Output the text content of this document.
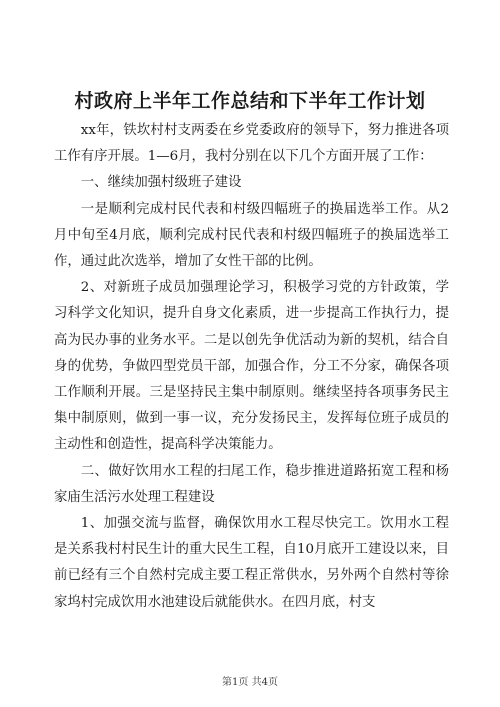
村政府上半年工作总结和下半年工作计划

xx年，铁坎村村支两委在乡党委政府的领导下，努力推进各项工作有序开展。1—6月，我村分别在以下几个方面开展了工作：

一、继续加强村级班子建设

一是顺利完成村民代表和村级四幅班子的换届选举工作。从2月中旬至4月底，顺利完成村民代表和村级四幅班子的换届选举工作，通过此次选举，增加了女性干部的比例。

2、对新班子成员加强理论学习，积极学习党的方针政策，学习科学文化知识，提升自身文化素质，进一步提高工作执行力，提高为民办事的业务水平。二是以创先争优活动为新的契机，结合自身的优势，争做四型党员干部，加强合作，分工不分家，确保各项工作顺利开展。三是坚持民主集中制原则。继续坚持各项事务民主集中制原则，做到一事一议，充分发扬民主，发挥每位班子成员的主动性和创造性，提高科学决策能力。

二、做好饮用水工程的扫尾工作，稳步推进道路拓宽工程和杨家庙生活污水处理工程建设

1、加强交流与监督，确保饮用水工程尽快完工。饮用水工程是关系我村村民生计的重大民生工程，自10月底开工建设以来，目前已经有三个自然村完成主要工程正常供水，另外两个自然村等徐家坞村完成饮用水池建设后就能供水。在四月底，村支

第1页 共4页
